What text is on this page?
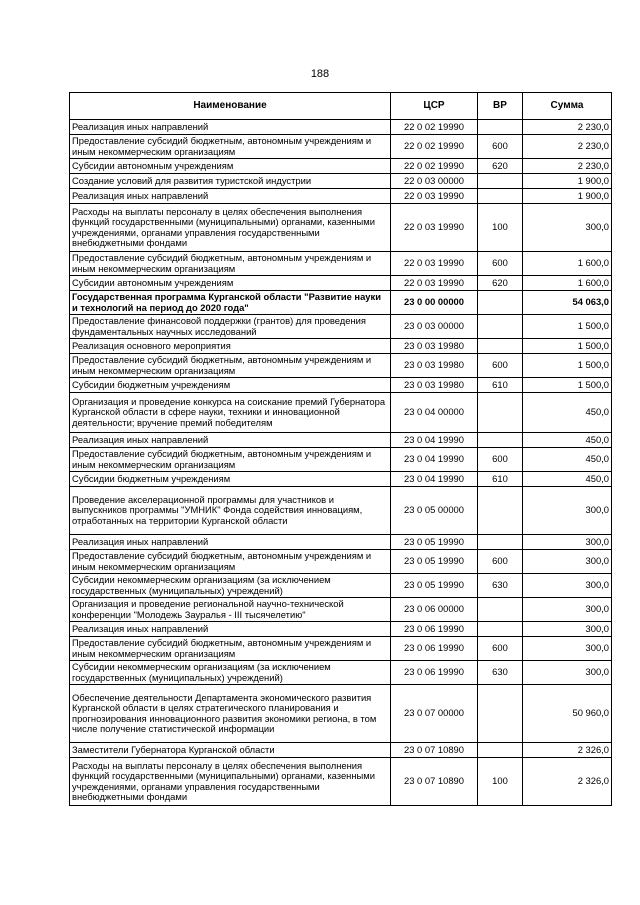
188
Наименование	ЦСР	ВР	Сумма
Реализация иных направлений	22 0 02 19990		2 230,0
Предоставление субсидий бюджетным, автономным учреждениям и иным некоммерческим организациям	22 0 02 19990	600	2 230,0
Субсидии автономным учреждениям	22 0 02 19990	620	2 230,0
Создание условий для развития туристской индустрии	22 0 03 00000		1 900,0
Реализация иных направлений	22 0 03 19990		1 900,0
Расходы на выплаты персоналу в целях обеспечения выполнения функций государственными (муниципальными) органами, казенными учреждениями, органами управления государственными внебюджетными фондами	22 0 03 19990	100	300,0
Предоставление субсидий бюджетным, автономным учреждениям и иным некоммерческим организациям	22 0 03 19990	600	1 600,0
Субсидии автономным учреждениям	22 0 03 19990	620	1 600,0
Государственная программа Курганской области "Развитие науки и технологий на период до 2020 года"	23 0 00 00000		54 063,0
Предоставление финансовой поддержки (грантов) для проведения фундаментальных научных исследований	23 0 03 00000		1 500,0
Реализация основного мероприятия	23 0 03 19980		1 500,0
Предоставление субсидий бюджетным, автономным учреждениям и иным некоммерческим организациям	23 0 03 19980	600	1 500,0
Субсидии бюджетным учреждениям	23 0 03 19980	610	1 500,0
Организация и проведение конкурса на соискание премий Губернатора Курганской области в сфере науки, техники и инновационной деятельности; вручение премий победителям	23 0 04 00000		450,0
Реализация иных направлений	23 0 04 19990		450,0
Предоставление субсидий бюджетным, автономным учреждениям и иным некоммерческим организациям	23 0 04 19990	600	450,0
Субсидии бюджетным учреждениям	23 0 04 19990	610	450,0
Проведение акселерационной программы для участников и выпускников программы "УМНИК" Фонда содействия инновациям, отработанных на территории Курганской области	23 0 05 00000		300,0
Реализация иных направлений	23 0 05 19990		300,0
Предоставление субсидий бюджетным, автономным учреждениям и иным некоммерческим организациям	23 0 05 19990	600	300,0
Субсидии некоммерческим организациям (за исключением государственных (муниципальных) учреждений)	23 0 05 19990	630	300,0
Организация и проведение региональной научно-технической конференции "Молодежь Зауралья - III тысячелетию"	23 0 06 00000		300,0
Реализация иных направлений	23 0 06 19990		300,0
Предоставление субсидий бюджетным, автономным учреждениям и иным некоммерческим организациям	23 0 06 19990	600	300,0
Субсидии некоммерческим организациям (за исключением государственных (муниципальных) учреждений)	23 0 06 19990	630	300,0
Обеспечение деятельности Департамента экономического развития Курганской области в целях стратегического планирования и прогнозирования инновационного развития экономики региона, в том числе получение статистической информации	23 0 07 00000		50 960,0
Заместители Губернатора Курганской области	23 0 07 10890		2 326,0
Расходы на выплаты персоналу в целях обеспечения выполнения функций государственными (муниципальными) органами, казенными учреждениями, органами управления государственными внебюджетными фондами	23 0 07 10890	100	2 326,0
